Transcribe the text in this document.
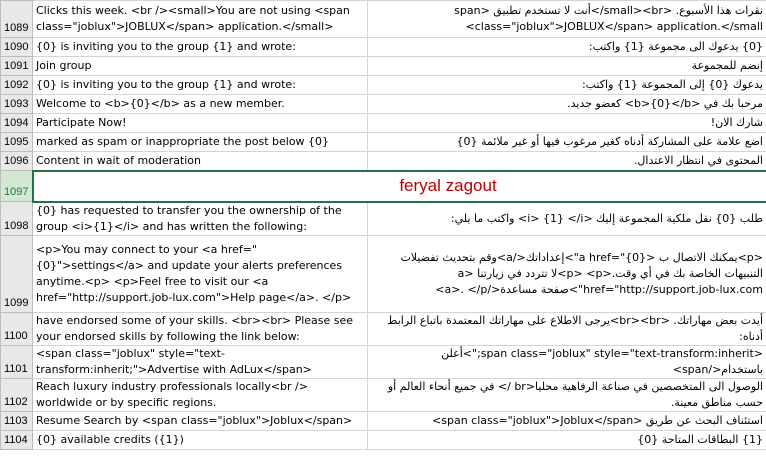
1089	Clicks this week. <br /><small>You are not using <span class="joblux">JOBLUX</span> application.</small>	نقرات هذا الأسبوع. <small><br/>أنت لا تستخدم تطبيق <span class="joblux">JOBLUX</span> application.</small>
1090	{0} is inviting you to the group {1} and wrote:	{0} يدعوك الى مجموعة {1} واكتب:
1091	Join group	إنضم للمجموعة
1092	{0} is inviting you to the group {1} and wrote:	يدعوك {0} إلى المجموعة {1} واكتب:
1093	Welcome to <b>{0}</b> as a new member.	مرحبا بك في <b>{0}</b> كعضو جديد.
1094	Participate Now!	شارك الان!
1095	marked as spam or inappropriate the post below {0}	اضع علامة على المشاركة أدناه كغير مرغوب فيها أو غير ملائمة {0}
1096	Content in wait of moderation	المحتوى في انتظار الاعتدال.
1097	feryal zagout	
1098	{0} has requested to transfer you the ownership of the group <i>{1}</i> and has written the following:	طلب {0} نقل ملكية المجموعة إليك <i> {1} </i> واكتب ما يلي:
1099	<p>You may connect to your <a href="{0}">settings</a> and update your alerts preferences anytime.<p> <p>Feel free to visit our <a href="http://support.job-lux.com">Help page</a>. </p>	<p>يمكنك الاتصال ب <a href="{0}">إعداداتك</a>وقم بتحديث تفضيلات التنبيهات الخاصة بك في أي وقت.<p> <p>لا تتردد في زيارتنا <a href="http://support.job-lux.com">صفحة مساعدة</a>. </p>
1100	have endorsed some of your skills. <br><br> Please see your endorsed skills by following the link below:	أيدت بعض مهاراتك. <br><br>يرجى الاطلاع على مهاراتك المعتمدة باتباع الرابط أدناه:
1101	<span class="joblux" style="text-transform:inherit;">Advertise with AdLux</span>	<span class="joblux" style="text-transform:inherit;">أعلن باستخدام</span>
1102	Reach luxury industry professionals locally<br /> worldwide or by specific regions.	الوصول الى المتخصصين في صناعة الرفاهية محليا<br /> في جميع أنحاء العالم أو حسب مناطق معينة.
1103	Resume Search by <span class="joblux">Joblux</span>	استئناف البحث عن طريق <span class="joblux">Joblux</span>
1104	{0} available credits ({1})	{1} البطاقات المتاحة {0}
